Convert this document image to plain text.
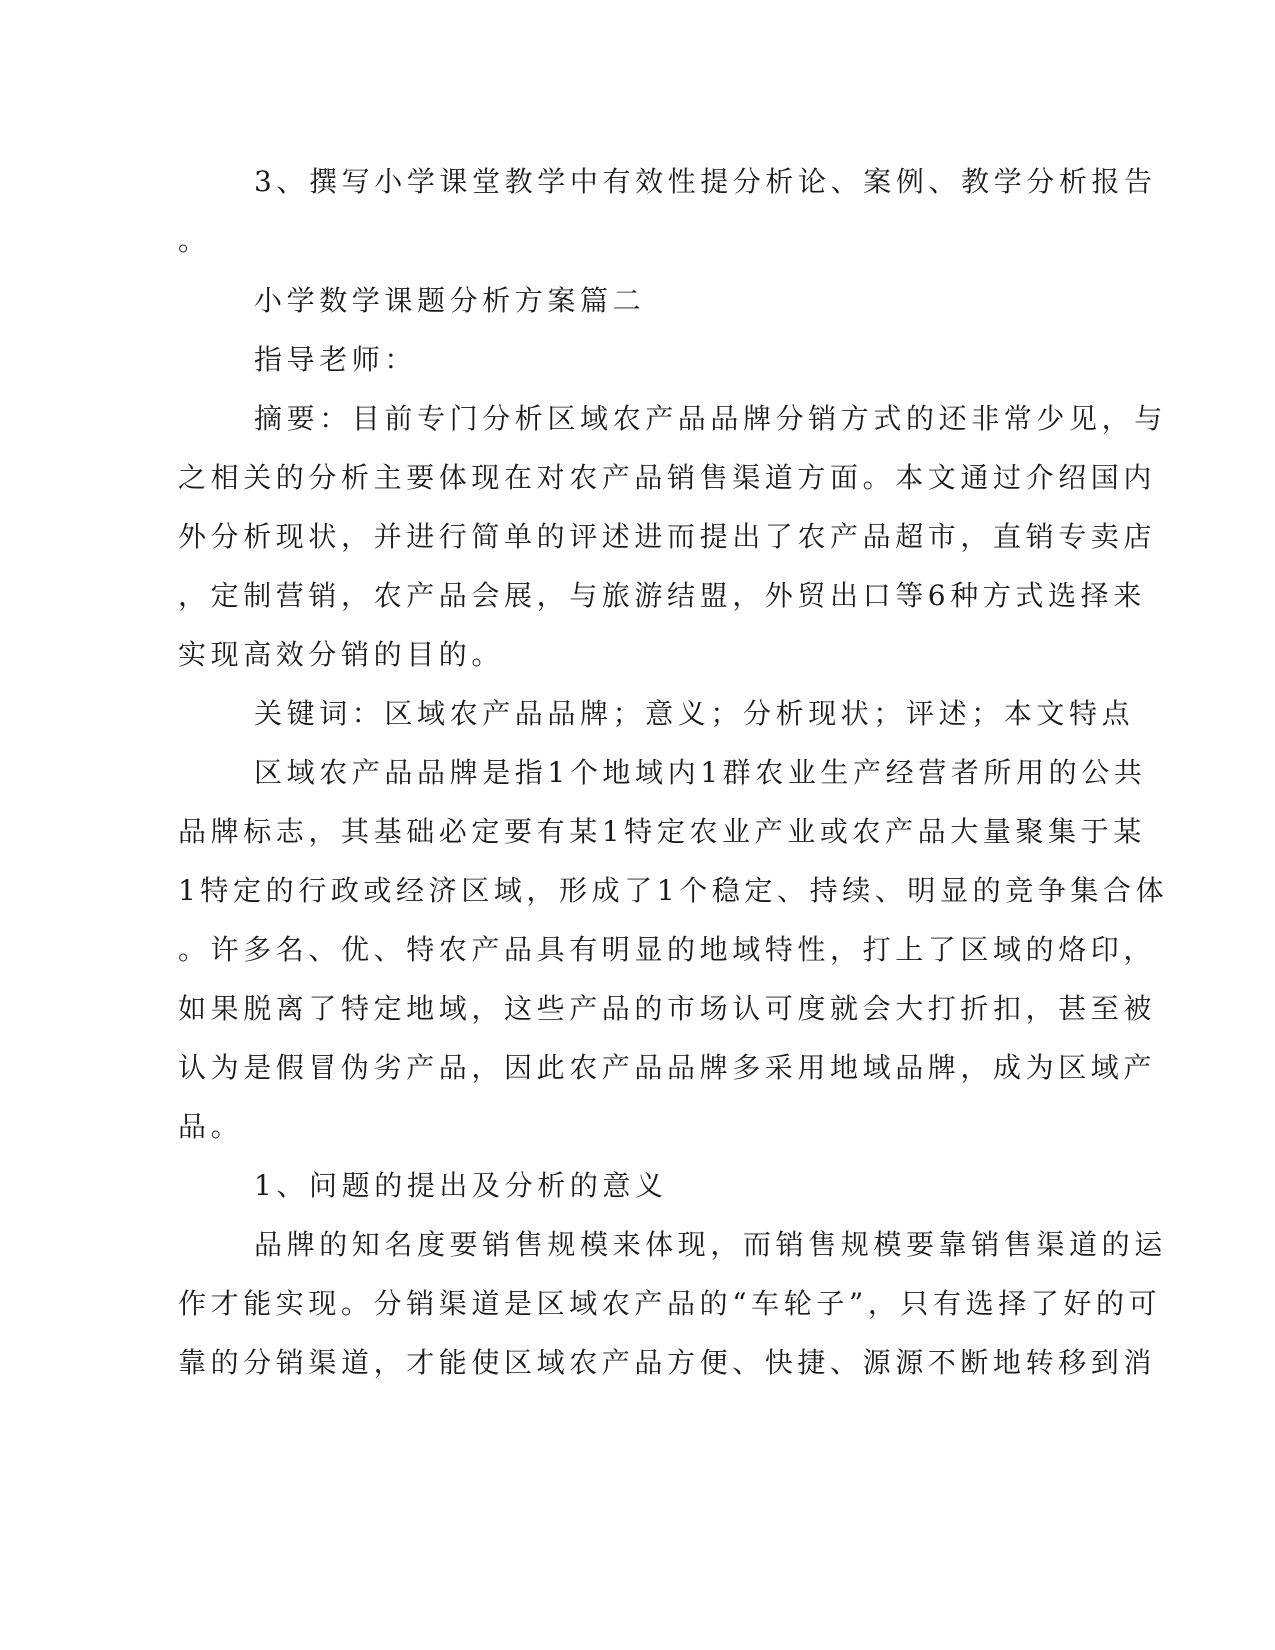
3、撰写小学课堂教学中有效性提分析论、案例、教学分析报告
。
小学数学课题分析方案篇二
指导老师：
摘要：目前专门分析区域农产品品牌分销方式的还非常少见，与
之相关的分析主要体现在对农产品销售渠道方面。本文通过介绍国内
外分析现状，并进行简单的评述进而提出了农产品超市，直销专卖店
，定制营销，农产品会展，与旅游结盟，外贸出口等6种方式选择来
实现高效分销的目的。
关键词：区域农产品品牌；意义；分析现状；评述；本文特点
区域农产品品牌是指1个地域内1群农业生产经营者所用的公共
品牌标志，其基础必定要有某1特定农业产业或农产品大量聚集于某
1特定的行政或经济区域，形成了1个稳定、持续、明显的竞争集合体
。许多名、优、特农产品具有明显的地域特性，打上了区域的烙印，
如果脱离了特定地域，这些产品的市场认可度就会大打折扣，甚至被
认为是假冒伪劣产品，因此农产品品牌多采用地域品牌，成为区域产
品。
1、问题的提出及分析的意义
品牌的知名度要销售规模来体现，而销售规模要靠销售渠道的运
作才能实现。分销渠道是区域农产品的“车轮子”，只有选择了好的可
靠的分销渠道，才能使区域农产品方便、快捷、源源不断地转移到消
